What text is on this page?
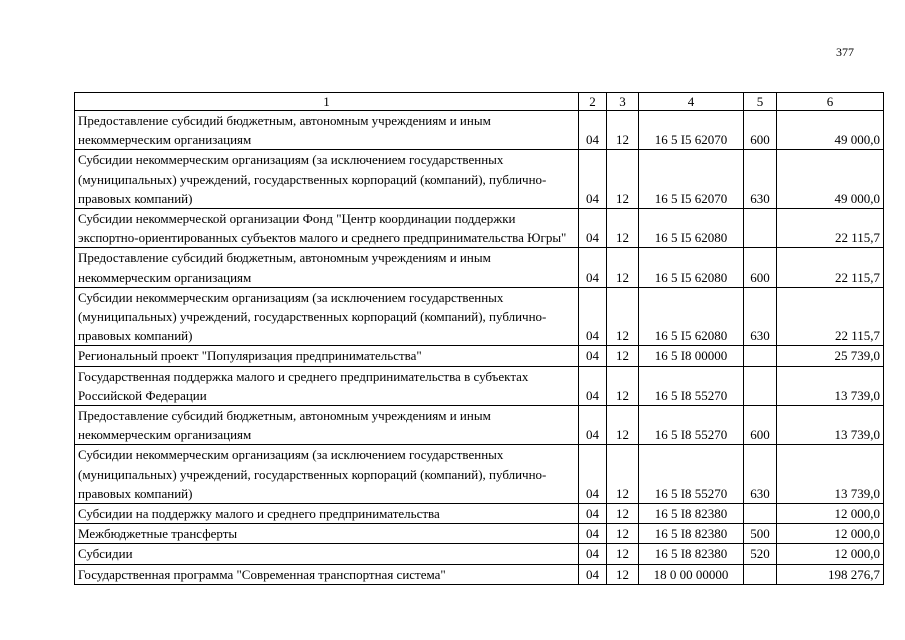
377
1	2	3	4	5	6
Предоставление субсидий бюджетным, автономным учреждениям и иным некоммерческим организациям	04	12	16 5 I5 62070	600	49 000,0
Субсидии некоммерческим организациям (за исключением государственных (муниципальных) учреждений, государственных корпораций (компаний), публично-правовых компаний)	04	12	16 5 I5 62070	630	49 000,0
Субсидии некоммерческой организации Фонд "Центр координации поддержки экспортно-ориентированных субъектов малого и среднего предпринимательства Югры"	04	12	16 5 I5 62080		22 115,7
Предоставление субсидий бюджетным, автономным учреждениям и иным некоммерческим организациям	04	12	16 5 I5 62080	600	22 115,7
Субсидии некоммерческим организациям (за исключением государственных (муниципальных) учреждений, государственных корпораций (компаний), публично-правовых компаний)	04	12	16 5 I5 62080	630	22 115,7
Региональный проект "Популяризация предпринимательства"	04	12	16 5 I8 00000		25 739,0
Государственная поддержка малого и среднего предпринимательства в субъектах Российской Федерации	04	12	16 5 I8 55270		13 739,0
Предоставление субсидий бюджетным, автономным учреждениям и иным некоммерческим организациям	04	12	16 5 I8 55270	600	13 739,0
Субсидии некоммерческим организациям (за исключением государственных (муниципальных) учреждений, государственных корпораций (компаний), публично-правовых компаний)	04	12	16 5 I8 55270	630	13 739,0
Субсидии на поддержку малого и среднего предпринимательства	04	12	16 5 I8 82380		12 000,0
Межбюджетные трансферты	04	12	16 5 I8 82380	500	12 000,0
Субсидии	04	12	16 5 I8 82380	520	12 000,0
Государственная программа "Современная транспортная система"	04	12	18 0 00 00000		198 276,7
